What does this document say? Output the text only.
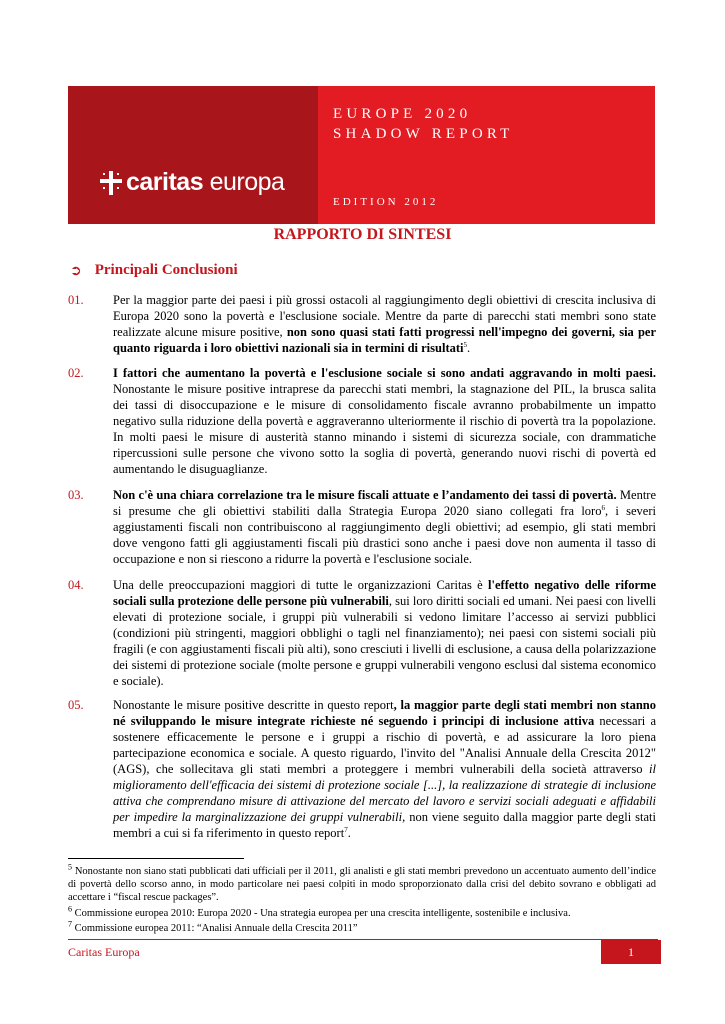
caritas europa
EUROPE 2020
SHADOW REPORT
EDITION 2012
RAPPORTO DI SINTESI
➲ Principali Conclusioni
01.	Per la maggior parte dei paesi i più grossi ostacoli al raggiungimento degli obiettivi di crescita inclusiva di Europa 2020 sono la povertà e l'esclusione sociale. Mentre da parte di parecchi stati membri sono state realizzate alcune misure positive, non sono quasi stati fatti progressi nell'impegno dei governi, sia per quanto riguarda i loro obiettivi nazionali sia in termini di risultati$^5$.
02.	I fattori che aumentano la povertà e l'esclusione sociale si sono andati aggravando in molti paesi. Nonostante le misure positive intraprese da parecchi stati membri, la stagnazione del PIL, la brusca salita dei tassi di disoccupazione e le misure di consolidamento fiscale avranno probabilmente un impatto negativo sulla riduzione della povertà e aggraveranno ulteriormente il rischio di povertà tra la popolazione. In molti paesi le misure di austerità stanno minando i sistemi di sicurezza sociale, con drammatiche ripercussioni sulle persone che vivono sotto la soglia di povertà, generando nuovi rischi di povertà ed aumentando le disuguaglianze.
03.	Non c'è una chiara correlazione tra le misure fiscali attuate e l’andamento dei tassi di povertà. Mentre si presume che gli obiettivi stabiliti dalla Strategia Europa 2020 siano collegati fra loro$^6$, i severi aggiustamenti fiscali non contribuiscono al raggiungimento degli obiettivi; ad esempio, gli stati membri dove vengono fatti gli aggiustamenti fiscali più drastici sono anche i paesi dove non aumenta il tasso di occupazione e non si riescono a ridurre la povertà e l'esclusione sociale.
04.	Una delle preoccupazioni maggiori di tutte le organizzazioni Caritas è l'effetto negativo delle riforme sociali sulla protezione delle persone più vulnerabili, sui loro diritti sociali ed umani. Nei paesi con livelli elevati di protezione sociale, i gruppi più vulnerabili si vedono limitare l’accesso ai servizi pubblici (condizioni più stringenti, maggiori obblighi o tagli nel finanziamento); nei paesi con sistemi sociali più fragili (e con aggiustamenti fiscali più alti), sono cresciuti i livelli di esclusione, a causa della polarizzazione dei sistemi di protezione sociale (molte persone e gruppi vulnerabili vengono esclusi dal sistema economico e sociale).
05.	Nonostante le misure positive descritte in questo report, la maggior parte degli stati membri non stanno né sviluppando le misure integrate richieste né seguendo i principi di inclusione attiva necessari a sostenere efficacemente le persone e i gruppi a rischio di povertà, e ad assicurare la loro piena partecipazione economica e sociale. A questo riguardo, l'invito del "Analisi Annuale della Crescita 2012" (AGS), che sollecitava gli stati membri a proteggere i membri vulnerabili della società attraverso il miglioramento dell'efficacia dei sistemi di protezione sociale [...], la realizzazione di strategie di inclusione attiva che comprendano misure di attivazione del mercato del lavoro e servizi sociali adeguati e affidabili per impedire la marginalizzazione dei gruppi vulnerabili, non viene seguito dalla maggior parte degli stati membri a cui si fa riferimento in questo report$^7$.
$^5$ Nonostante non siano stati pubblicati dati ufficiali per il 2011, gli analisti e gli stati membri prevedono un accentuato aumento dell’indice di povertà dello scorso anno, in modo particolare nei paesi colpiti in modo sproporzionato dalla crisi del debito sovrano e obbligati ad accettare i “fiscal rescue packages”.
$^6$ Commissione europea 2010: Europa 2020 - Una strategia europea per una crescita intelligente, sostenibile e inclusiva.
$^7$ Commissione europea 2011: “Analisi Annuale della Crescita 2011”
Caritas Europa	1
